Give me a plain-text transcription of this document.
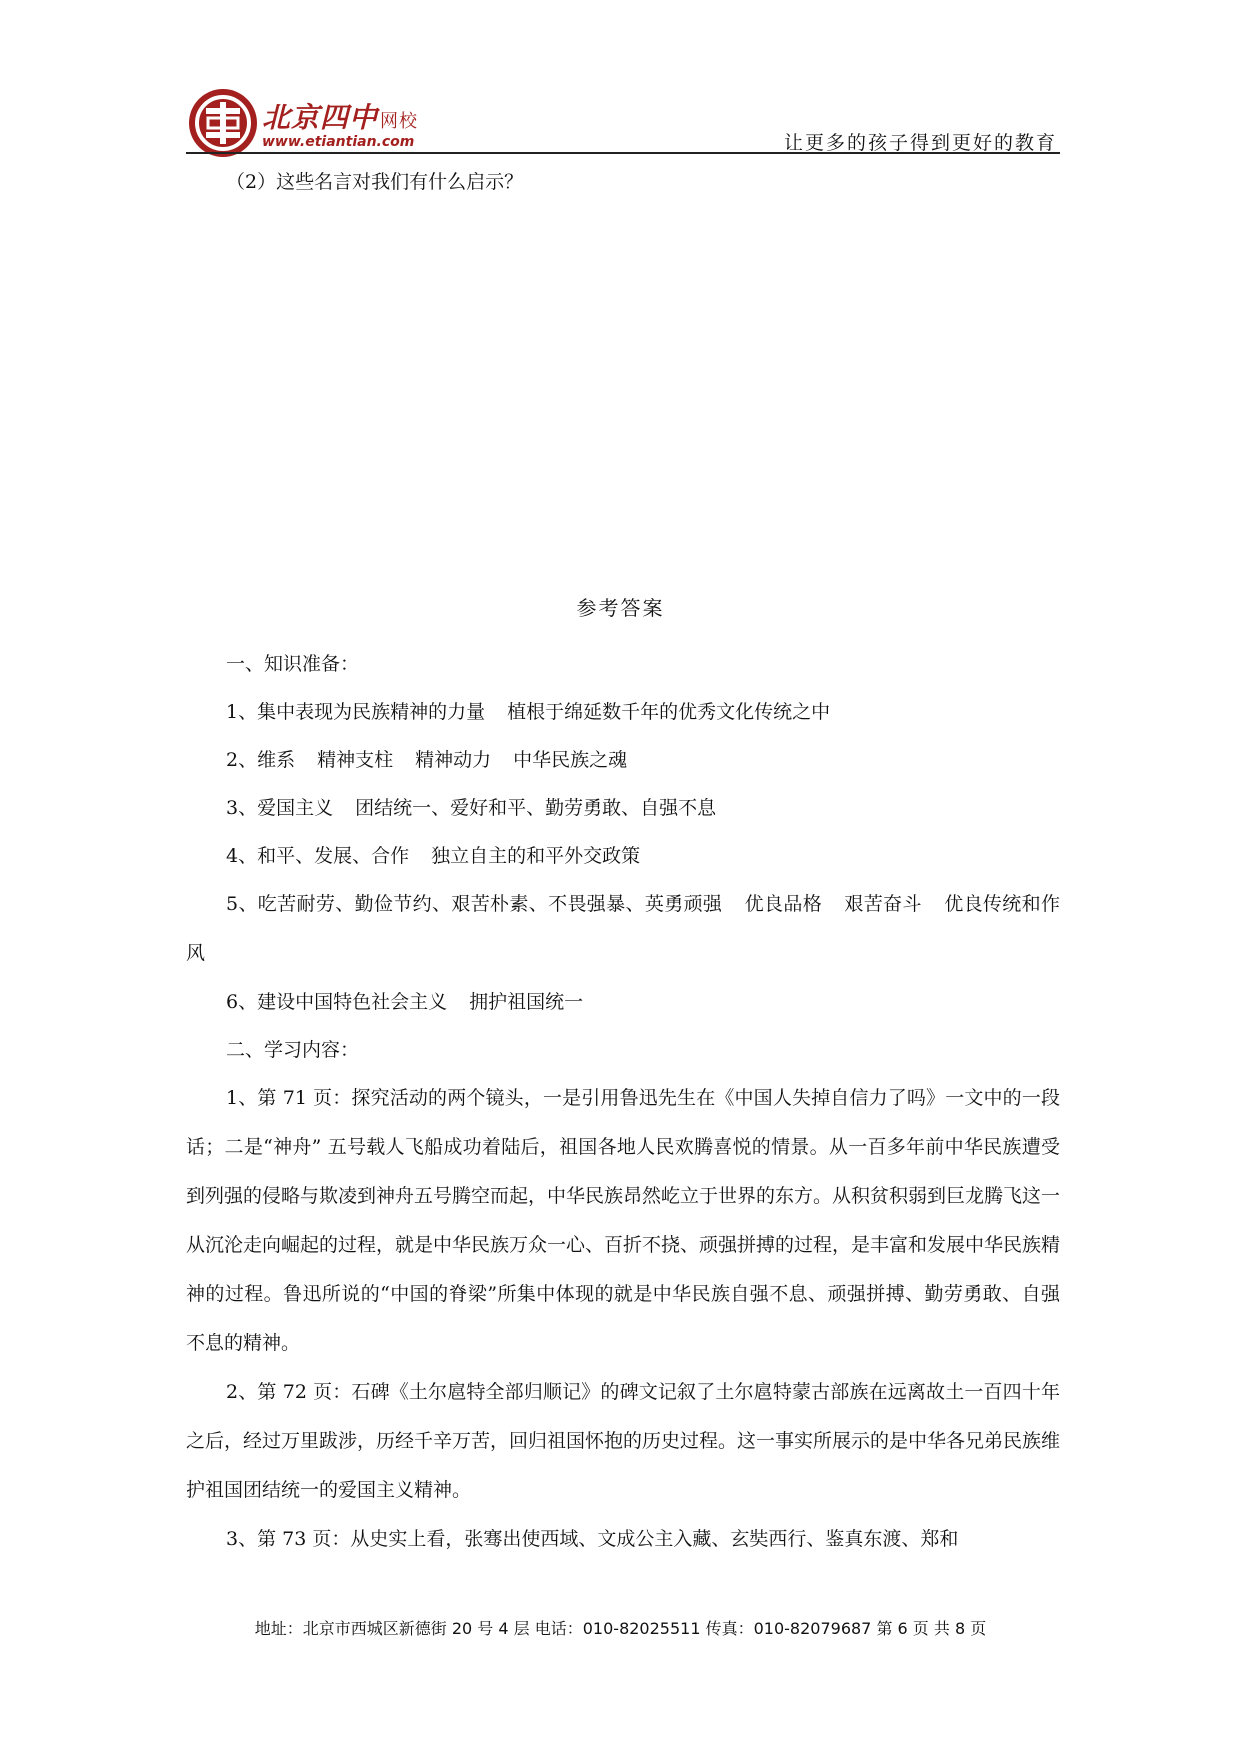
北京四中 网校
www.etiantian.com	让更多的孩子得到更好的教育
（2）这些名言对我们有什么启示？
参考答案
一、知识准备：
1、集中表现为民族精神的力量 植根于绵延数千年的优秀文化传统之中
2、维系 精神支柱 精神动力 中华民族之魂
3、爱国主义 团结统一、爱好和平、勤劳勇敢、自强不息
4、和平、发展、合作 独立自主的和平外交政策
5、吃苦耐劳、勤俭节约、艰苦朴素、不畏强暴、英勇顽强 优良品格 艰苦奋斗 优良传统和作风
6、建设中国特色社会主义 拥护祖国统一
二、学习内容：
1、第 71 页：探究活动的两个镜头，一是引用鲁迅先生在《中国人失掉自信力了吗》一文中的一段话；二是“神舟” 五号载人飞船成功着陆后，祖国各地人民欢腾喜悦的情景。从一百多年前中华民族遭受到列强的侵略与欺凌到神舟五号腾空而起，中华民族昂然屹立于世界的东方。从积贫积弱到巨龙腾飞这一从沉沦走向崛起的过程，就是中华民族万众一心、百折不挠、顽强拼搏的过程，是丰富和发展中华民族精神的过程。鲁迅所说的“中国的脊梁”所集中体现的就是中华民族自强不息、顽强拼搏、勤劳勇敢、自强不息的精神。
2、第 72 页：石碑《土尔扈特全部归顺记》的碑文记叙了土尔扈特蒙古部族在远离故土一百四十年之后，经过万里跋涉，历经千辛万苦，回归祖国怀抱的历史过程。这一事实所展示的是中华各兄弟民族维护祖国团结统一的爱国主义精神。
3、第 73 页：从史实上看，张骞出使西域、文成公主入藏、玄奘西行、鉴真东渡、郑和
地址：北京市西城区新德街 20 号 4 层 电话：010-82025511 传真：010-82079687 第 6 页 共 8 页
